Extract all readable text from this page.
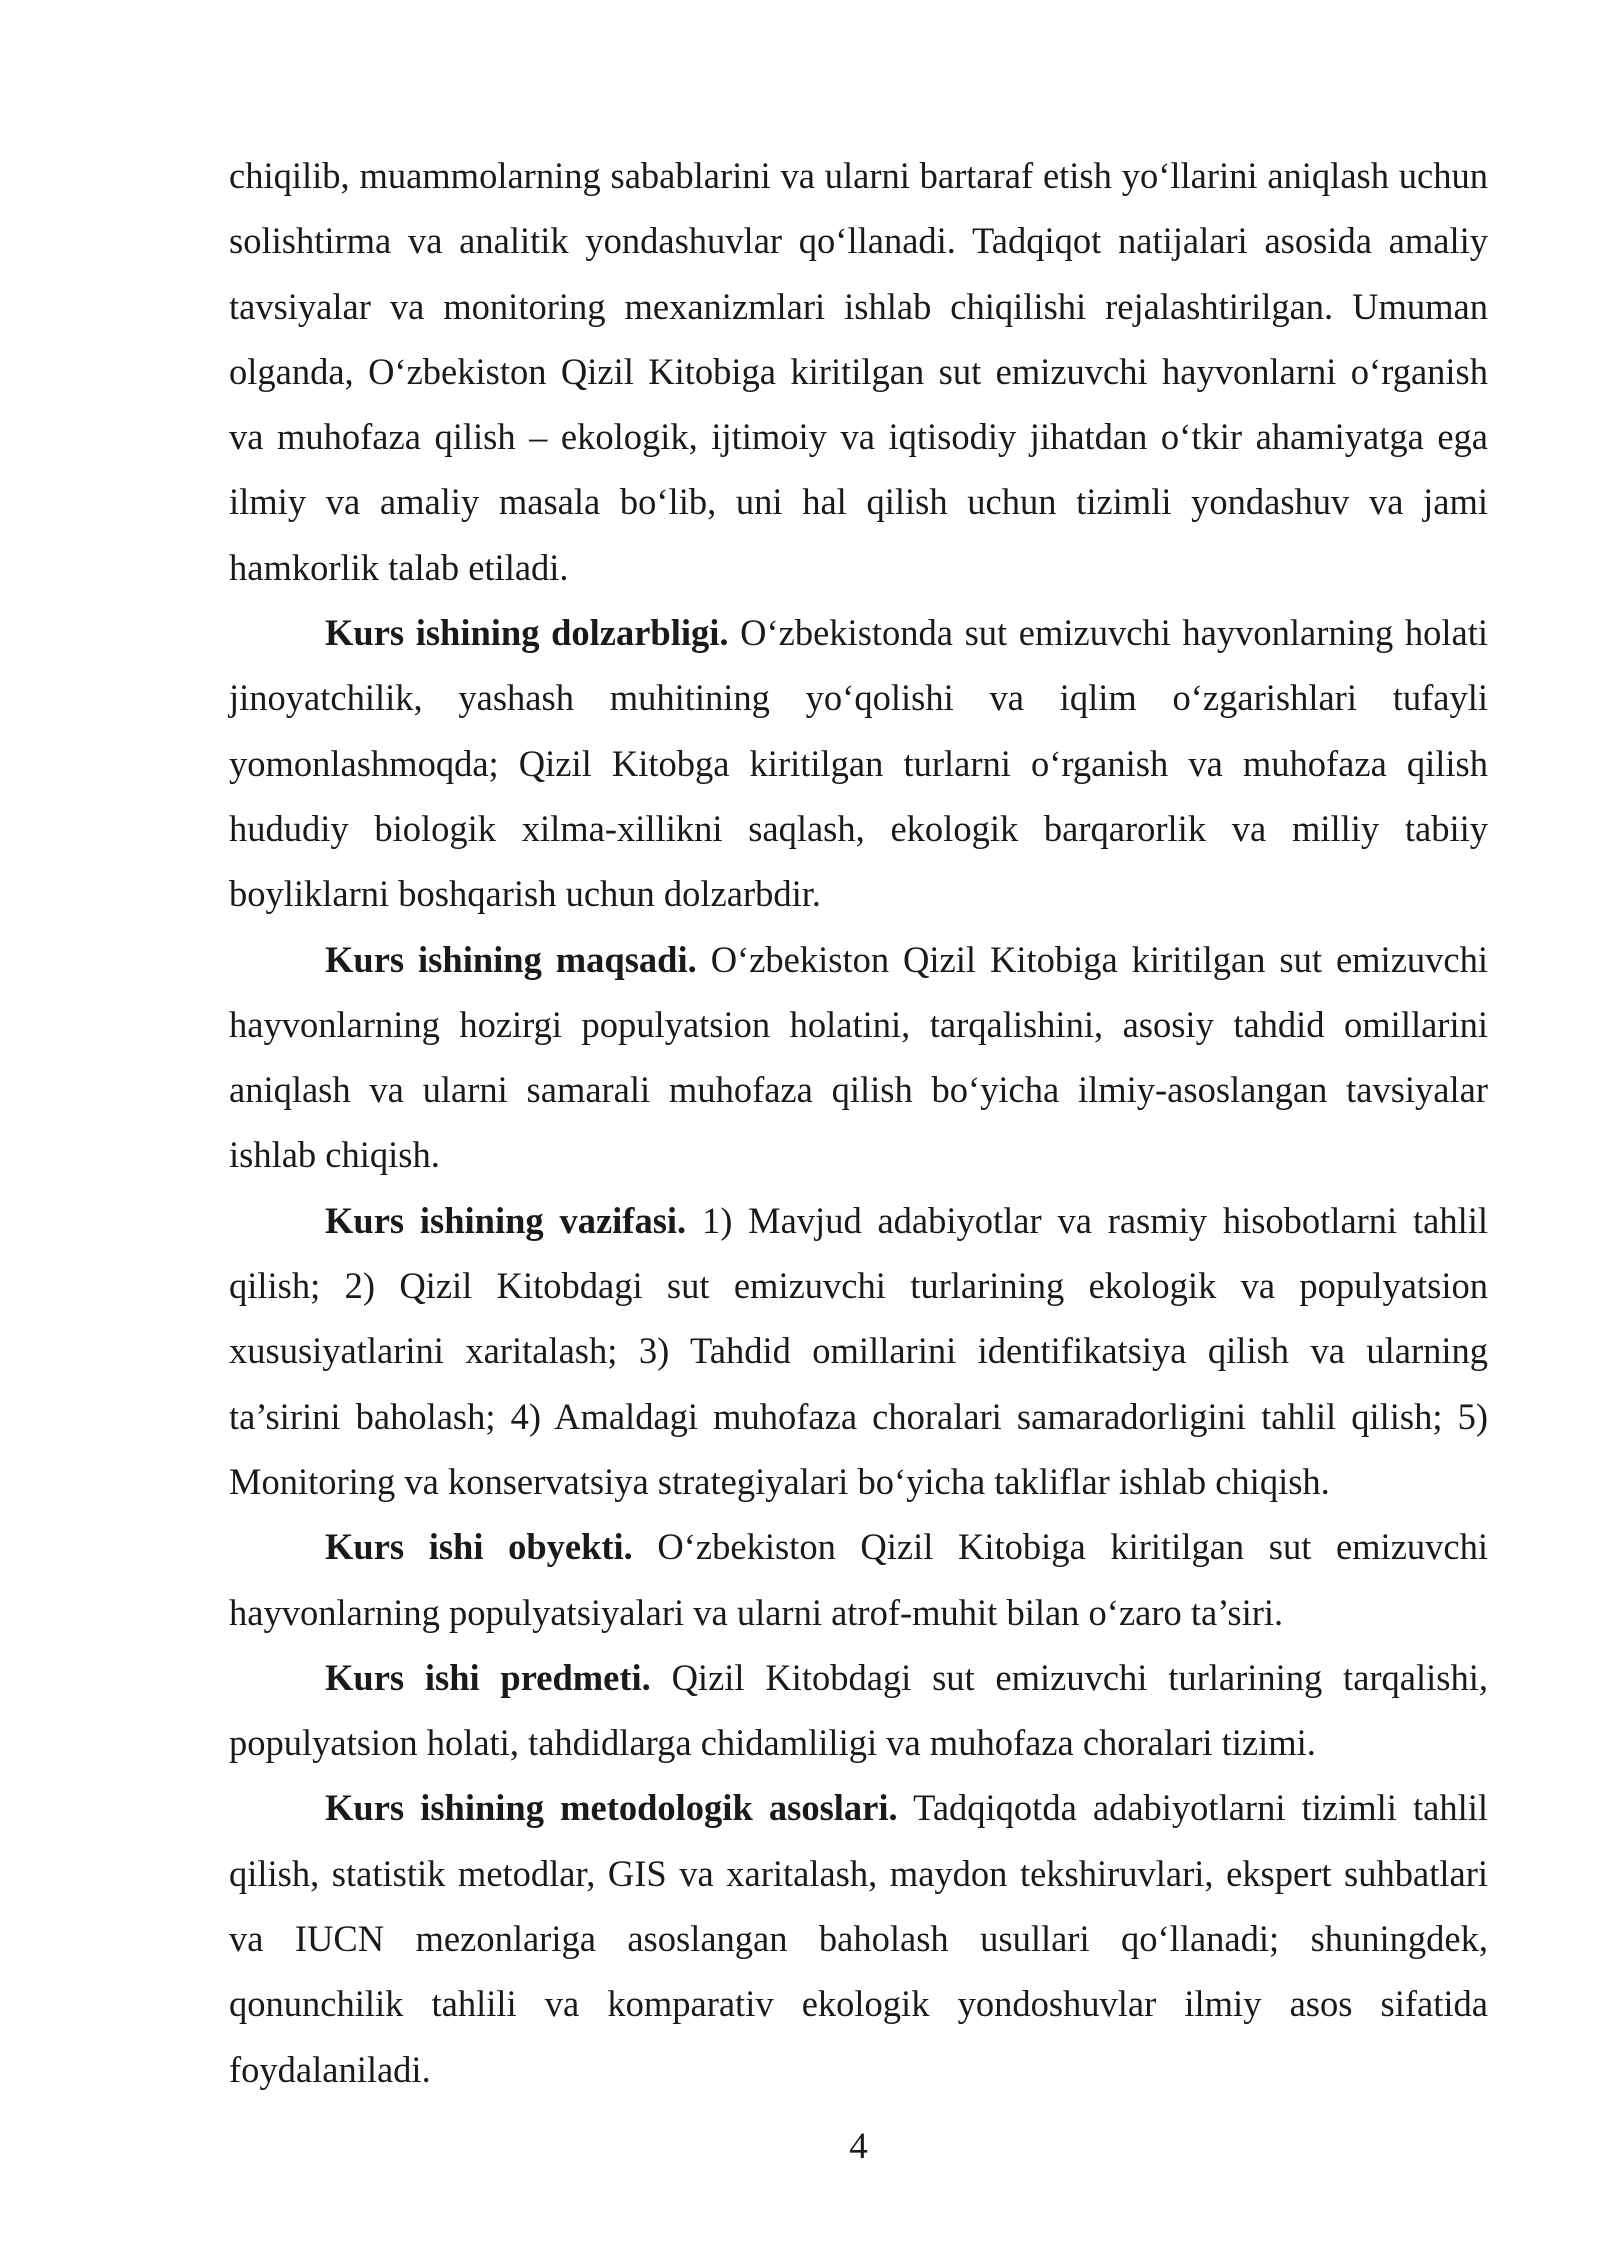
chiqilib, muammolarning sabablarini va ularni bartaraf etish yo‘llarini aniqlash uchun solishtirma va analitik yondashuvlar qo‘llanadi. Tadqiqot natijalari asosida amaliy tavsiyalar va monitoring mexanizmlari ishlab chiqilishi rejalashtirilgan. Umuman olganda, O‘zbekiston Qizil Kitobiga kiritilgan sut emizuvchi hayvonlarni o‘rganish va muhofaza qilish – ekologik, ijtimoiy va iqtisodiy jihatdan o‘tkir ahamiyatga ega ilmiy va amaliy masala bo‘lib, uni hal qilish uchun tizimli yondashuv va jami hamkorlik talab etiladi.

Kurs ishining dolzarbligi. O‘zbekistonda sut emizuvchi hayvonlarning holati jinoyatchilik, yashash muhitining yo‘qolishi va iqlim o‘zgarishlari tufayli yomonlashmoqda; Qizil Kitobga kiritilgan turlarni o‘rganish va muhofaza qilish hududiy biologik xilma-xillikni saqlash, ekologik barqarorlik va milliy tabiiy boyliklarni boshqarish uchun dolzarbdir.

Kurs ishining maqsadi. O‘zbekiston Qizil Kitobiga kiritilgan sut emizuvchi hayvonlarning hozirgi populyatsion holatini, tarqalishini, asosiy tahdid omillarini aniqlash va ularni samarali muhofaza qilish bo‘yicha ilmiy-asoslangan tavsiyalar ishlab chiqish.

Kurs ishining vazifasi. 1) Mavjud adabiyotlar va rasmiy hisobotlarni tahlil qilish; 2) Qizil Kitobdagi sut emizuvchi turlarining ekologik va populyatsion xususiyatlarini xaritalash; 3) Tahdid omillarini identifikatsiya qilish va ularning ta’sirini baholash; 4) Amaldagi muhofaza choralari samaradorligini tahlil qilish; 5) Monitoring va konservatsiya strategiyalari bo‘yicha takliflar ishlab chiqish.

Kurs ishi obyekti. O‘zbekiston Qizil Kitobiga kiritilgan sut emizuvchi hayvonlarning populyatsiyalari va ularni atrof-muhit bilan o‘zaro ta’siri.

Kurs ishi predmeti. Qizil Kitobdagi sut emizuvchi turlarining tarqalishi, populyatsion holati, tahdidlarga chidamliligi va muhofaza choralari tizimi.

Kurs ishining metodologik asoslari. Tadqiqotda adabiyotlarni tizimli tahlil qilish, statistik metodlar, GIS va xaritalash, maydon tekshiruvlari, ekspert suhbatlari va IUCN mezonlariga asoslangan baholash usullari qo‘llanadi; shuningdek, qonunchilik tahlili va komparativ ekologik yondoshuvlar ilmiy asos sifatida foydalaniladi.

4
